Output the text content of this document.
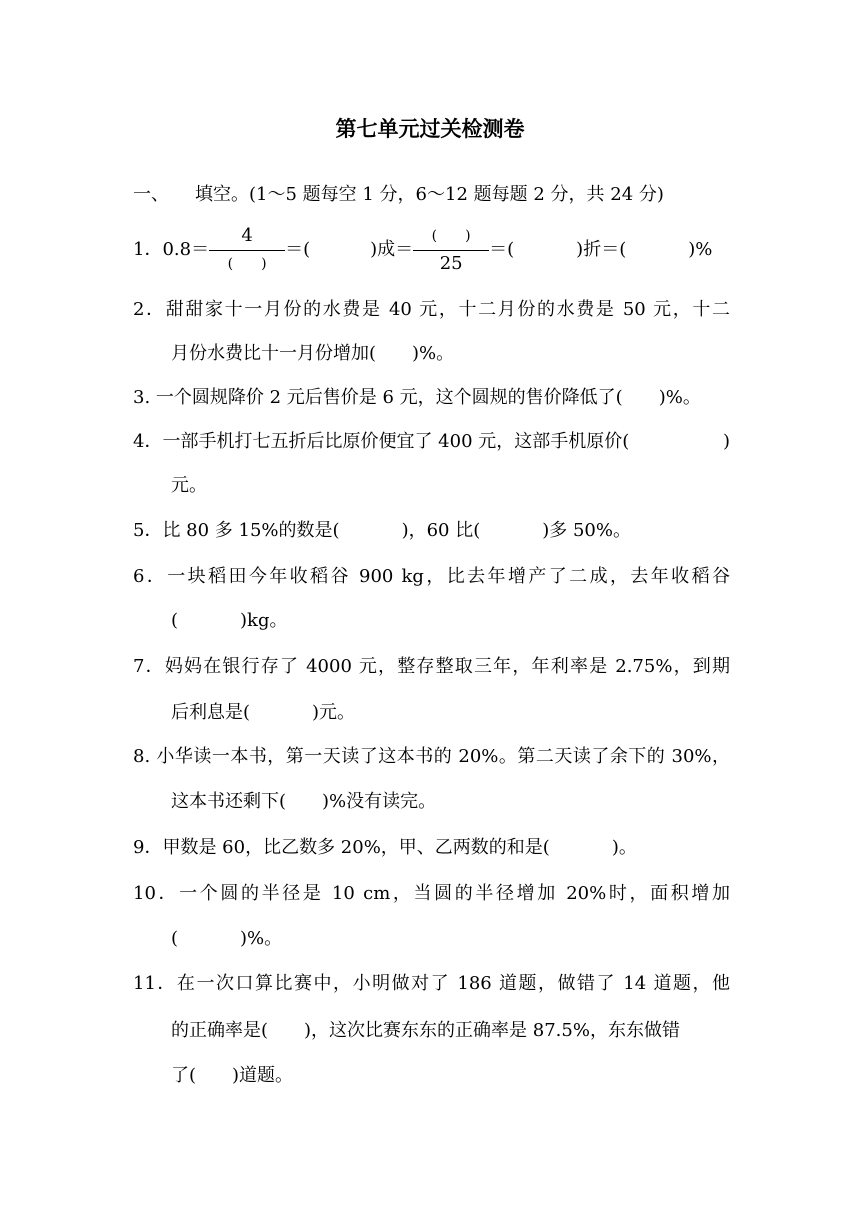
第七单元过关检测卷
一、 填空。(1～5 题每空 1 分，6～12 题每题 2 分，共 24 分)
1．$0.8= \frac{4}{( )}$ ＝(	)成＝ $\frac{( )}{25}$ ＝(	)折＝(	)%
2．甜甜家十一月份的水费是 40 元，十二月份的水费是 50 元，十二
月份水费比十一月份增加( )%。
3. 一个圆规降价 2 元后售价是 6 元，这个圆规的售价降低了( )%。
4．一部手机打七五折后比原价便宜了 400 元，这部手机原价(	)
元。
5．比 80 多 15%的数是(	)，60 比(	)多 50%。
6．一块稻田今年收稻谷 900 kg，比去年增产了二成，去年收稻谷
(	)kg。
7．妈妈在银行存了 4000 元，整存整取三年，年利率是 2.75%，到期
后利息是(	)元。
8. 小华读一本书，第一天读了这本书的 20%。第二天读了余下的 30%，
这本书还剩下( )%没有读完。
9．甲数是 60，比乙数多 20%，甲、乙两数的和是(	)。
10．一个圆的半径是 10 cm，当圆的半径增加 20%时，面积增加
(	)%。
11．在一次口算比赛中，小明做对了 186 道题，做错了 14 道题，他
的正确率是( )，这次比赛东东的正确率是 87.5%，东东做错
了( )道题。
